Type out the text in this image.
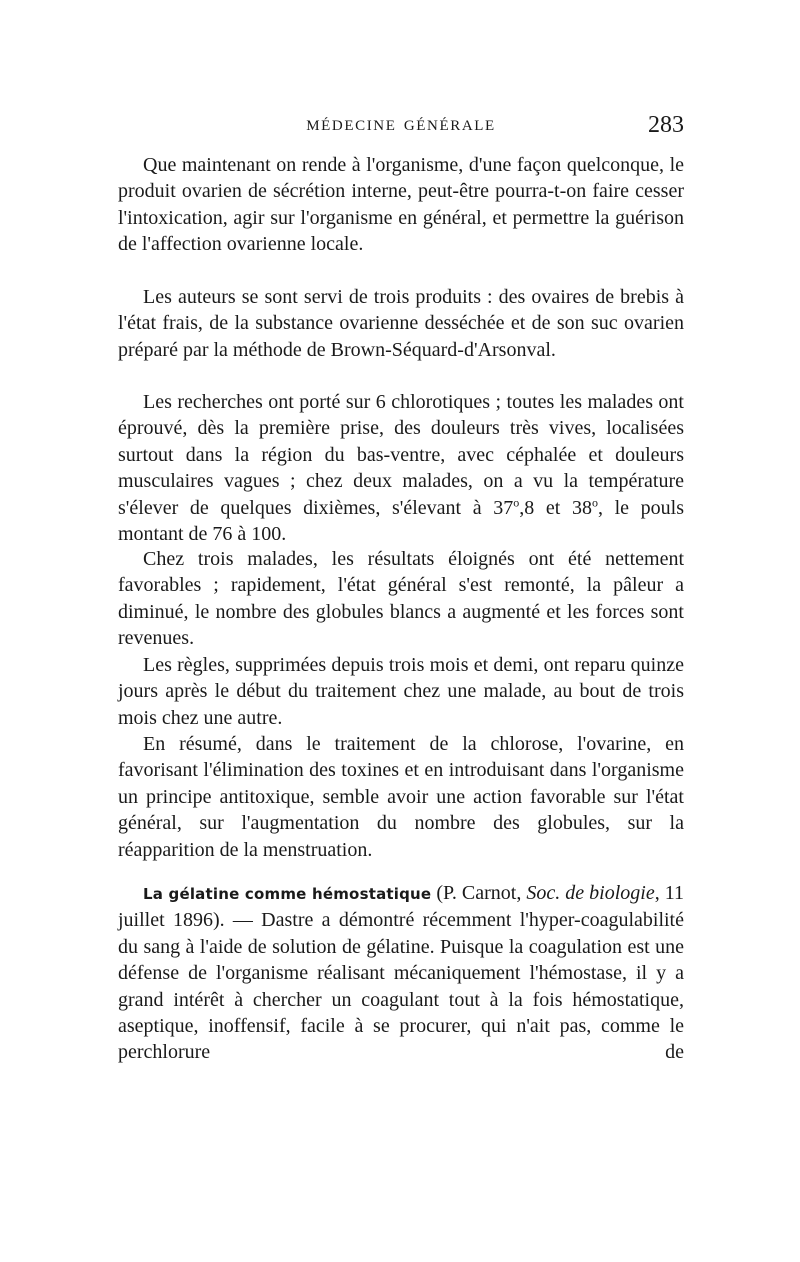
MÉDECINE GÉNÉRALE	283

Que maintenant on rende à l'organisme, d'une façon quelconque, le produit ovarien de sécrétion interne, peut-être pourra-t-on faire cesser l'intoxication, agir sur l'organisme en général, et permettre la guérison de l'affection ovarienne locale.

Les auteurs se sont servi de trois produits : des ovaires de brebis à l'état frais, de la substance ovarienne desséchée et de son suc ovarien préparé par la méthode de Brown-Séquard-d'Arsonval.

Les recherches ont porté sur 6 chlorotiques ; toutes les malades ont éprouvé, dès la première prise, des douleurs très vives, localisées surtout dans la région du bas-ventre, avec céphalée et douleurs musculaires vagues ; chez deux malades, on a vu la température s'élever de quelques dixièmes, s'élevant à 37$^o$,8 et 38$^o$, le pouls montant de 76 à 100.

Chez trois malades, les résultats éloignés ont été nettement favorables ; rapidement, l'état général s'est remonté, la pâleur a diminué, le nombre des globules blancs a augmenté et les forces sont revenues.

Les règles, supprimées depuis trois mois et demi, ont reparu quinze jours après le début du traitement chez une malade, au bout de trois mois chez une autre.

En résumé, dans le traitement de la chlorose, l'ovarine, en favorisant l'élimination des toxines et en introduisant dans l'organisme un principe antitoxique, semble avoir une action favorable sur l'état général, sur l'augmentation du nombre des globules, sur la réapparition de la menstruation.

La gélatine comme hémostatique (P. Carnot, Soc. de biologie, 11 juillet 1896). — Dastre a démontré récemment l'hyper-coagulabilité du sang à l'aide de solution de gélatine. Puisque la coagulation est une défense de l'organisme réalisant mécaniquement l'hémostase, il y a grand intérêt à chercher un coagulant tout à la fois hémostatique, aseptique, inoffensif, facile à se procurer, qui n'ait pas, comme le perchlorure de
